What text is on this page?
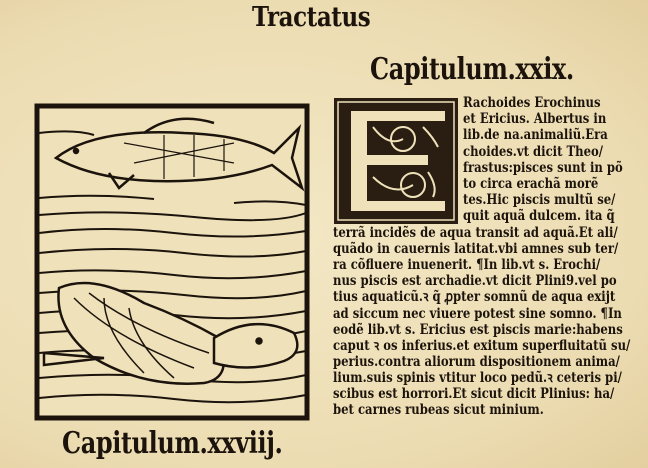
Tractatus
Capitulum.xxix.
Rachoides Erochinus
et Ericius. Albertus in
lib.de na.animaliũ.Era
choides.vt dicit Theo/
frastus:pisces sunt in põ
to circa erachã morẽ
tes.Hic piscis multũ se/
quit aquã dulcem. ita q̃
terrã incidẽs de aqua transit ad aquã.Et ali/
quãdo in cauernis latitat.vbi amnes sub ter/
ra cõfluere inuenerit. ¶In lib.vt s. Erochi/
nus piscis est archadie.vt dicit Plini9.vel po
tius aquaticũ.ꝛ q̃ ꝓpter somnũ de aqua exijt
ad siccum nec viuere potest sine somno. ¶In
eodẽ lib.vt s. Ericius est piscis marie:habens
caput ꝛ os inferius.et exitum superfluitatũ su/
perius.contra aliorum dispositionem anima/
lium.suis spinis vtitur loco pedũ.ꝛ ceteris pi/
scibus est horrori.Et sicut dicit Plinius: ha/
bet carnes rubeas sicut minium.
Capitulum.xxviij.
